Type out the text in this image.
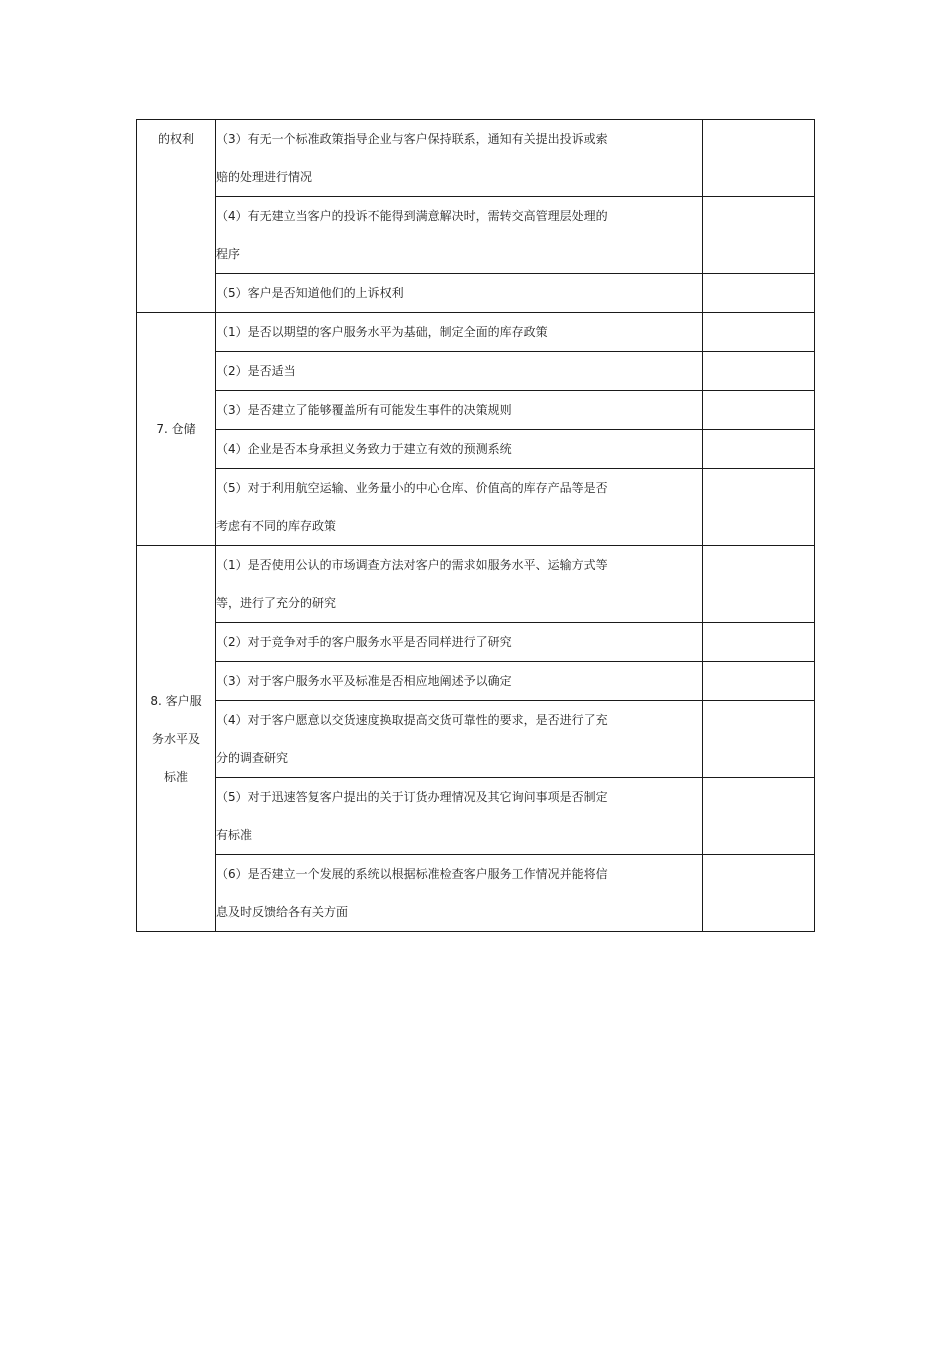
的权利	（3）有无一个标准政策指导企业与客户保持联系，通知有关提出投诉或索
赔的处理进行情况	

	（4）有无建立当客户的投诉不能得到满意解决时，需转交高管理层处理的
程序	

	（5）客户是否知道他们的上诉权利	

7. 仓储	（1）是否以期望的客户服务水平为基础，制定全面的库存政策	

	（2）是否适当	

	（3）是否建立了能够覆盖所有可能发生事件的决策规则	

	（4）企业是否本身承担义务致力于建立有效的预测系统	

	（5）对于利用航空运输、业务量小的中心仓库、价值高的库存产品等是否
考虑有不同的库存政策	

8. 客户服
务水平及
标准	（1）是否使用公认的市场调查方法对客户的需求如服务水平、运输方式等
等，进行了充分的研究	

	（2）对于竞争对手的客户服务水平是否同样进行了研究	

	（3）对于客户服务水平及标准是否相应地阐述予以确定	

	（4）对于客户愿意以交货速度换取提高交货可靠性的要求，是否进行了充
分的调查研究	

	（5）对于迅速答复客户提出的关于订货办理情况及其它询问事项是否制定
有标准	

	（6）是否建立一个发展的系统以根据标准检查客户服务工作情况并能将信
息及时反馈给各有关方面	
